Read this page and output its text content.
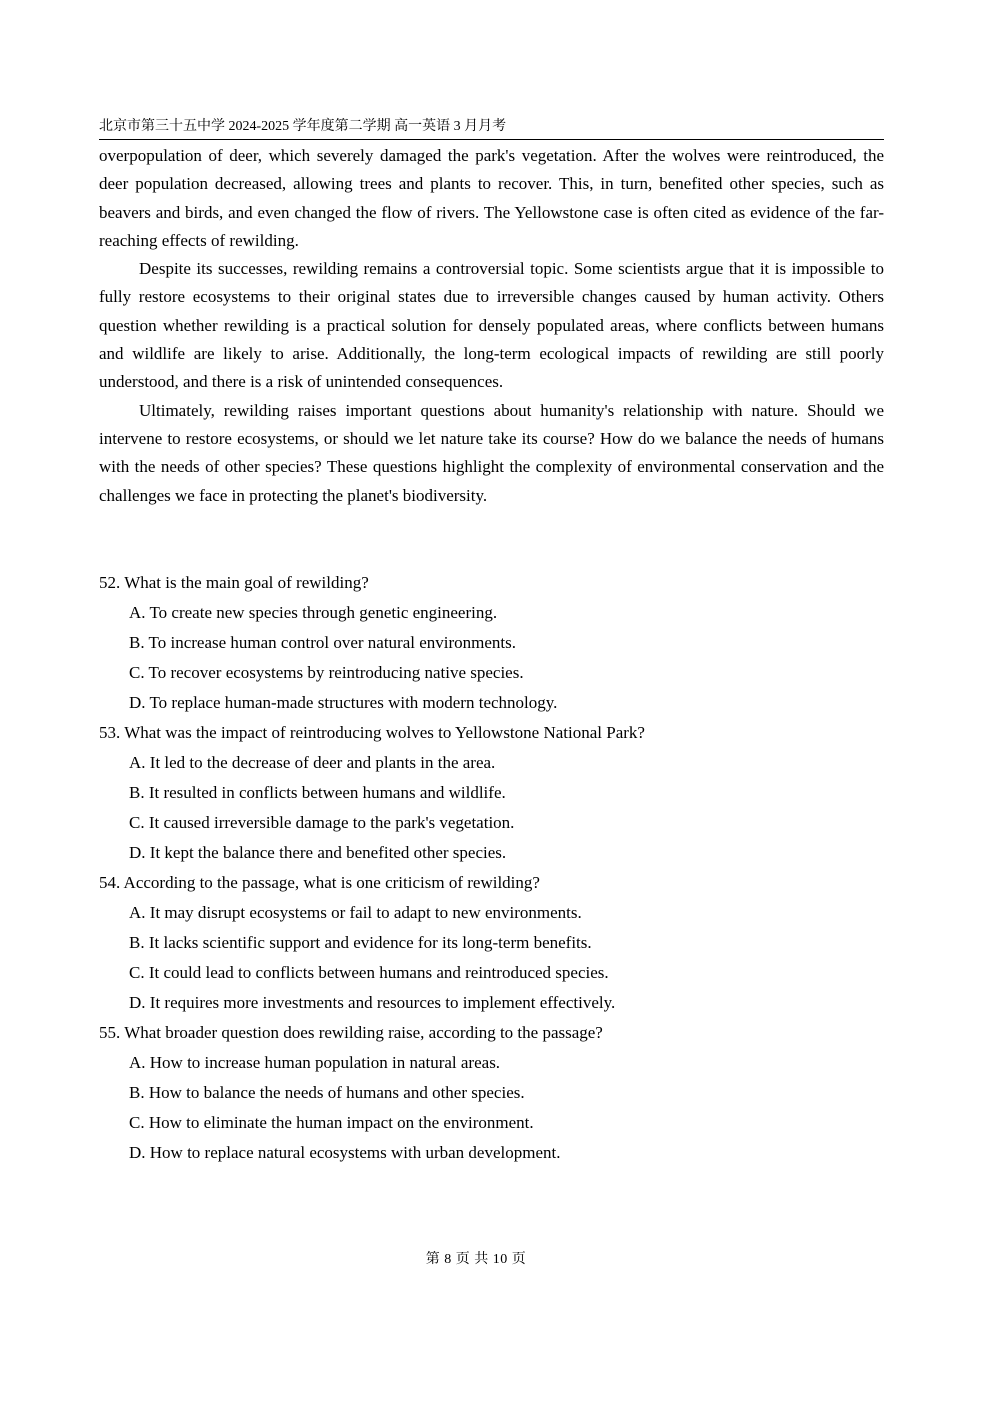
北京市第三十五中学 2024-2025 学年度第二学期 高一英语 3 月月考

overpopulation of deer, which severely damaged the park's vegetation. After the wolves were reintroduced, the deer population decreased, allowing trees and plants to recover. This, in turn, benefited other species, such as beavers and birds, and even changed the flow of rivers. The Yellowstone case is often cited as evidence of the far-reaching effects of rewilding.

Despite its successes, rewilding remains a controversial topic. Some scientists argue that it is impossible to fully restore ecosystems to their original states due to irreversible changes caused by human activity. Others question whether rewilding is a practical solution for densely populated areas, where conflicts between humans and wildlife are likely to arise. Additionally, the long-term ecological impacts of rewilding are still poorly understood, and there is a risk of unintended consequences.

Ultimately, rewilding raises important questions about humanity's relationship with nature. Should we intervene to restore ecosystems, or should we let nature take its course? How do we balance the needs of humans with the needs of other species? These questions highlight the complexity of environmental conservation and the challenges we face in protecting the planet's biodiversity.

52. What is the main goal of rewilding?
A. To create new species through genetic engineering.
B. To increase human control over natural environments.
C. To recover ecosystems by reintroducing native species.
D. To replace human-made structures with modern technology.
53. What was the impact of reintroducing wolves to Yellowstone National Park?
A. It led to the decrease of deer and plants in the area.
B. It resulted in conflicts between humans and wildlife.
C. It caused irreversible damage to the park's vegetation.
D. It kept the balance there and benefited other species.
54. According to the passage, what is one criticism of rewilding?
A. It may disrupt ecosystems or fail to adapt to new environments.
B. It lacks scientific support and evidence for its long-term benefits.
C. It could lead to conflicts between humans and reintroduced species.
D. It requires more investments and resources to implement effectively.
55. What broader question does rewilding raise, according to the passage?
A. How to increase human population in natural areas.
B. How to balance the needs of humans and other species.
C. How to eliminate the human impact on the environment.
D. How to replace natural ecosystems with urban development.
第 8 页 共 10 页
